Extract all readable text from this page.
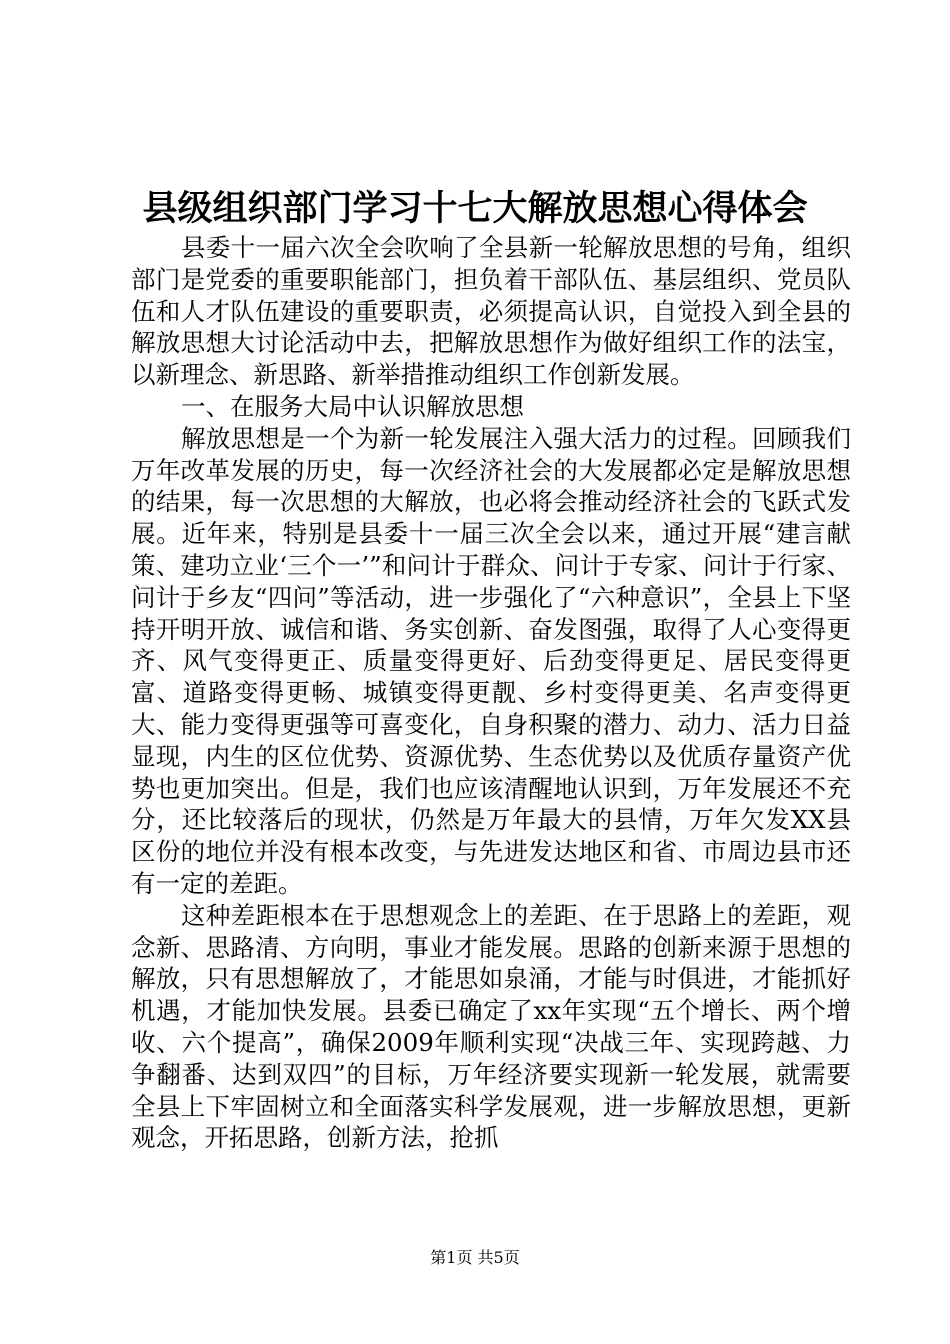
县级组织部门学习十七大解放思想心得体会

县委十一届六次全会吹响了全县新一轮解放思想的号角，组织部门是党委的重要职能部门，担负着干部队伍、基层组织、党员队伍和人才队伍建设的重要职责，必须提高认识，自觉投入到全县的解放思想大讨论活动中去，把解放思想作为做好组织工作的法宝，以新理念、新思路、新举措推动组织工作创新发展。

一、在服务大局中认识解放思想

解放思想是一个为新一轮发展注入强大活力的过程。回顾我们万年改革发展的历史，每一次经济社会的大发展都必定是解放思想的结果，每一次思想的大解放，也必将会推动经济社会的飞跃式发展。近年来，特别是县委十一届三次全会以来，通过开展“建言献策、建功立业‘三个一’”和问计于群众、问计于专家、问计于行家、问计于乡友“四问”等活动，进一步强化了“六种意识”，全县上下坚持开明开放、诚信和谐、务实创新、奋发图强，取得了人心变得更齐、风气变得更正、质量变得更好、后劲变得更足、居民变得更富、道路变得更畅、城镇变得更靓、乡村变得更美、名声变得更大、能力变得更强等可喜变化，自身积聚的潜力、动力、活力日益显现，内生的区位优势、资源优势、生态优势以及优质存量资产优势也更加突出。但是，我们也应该清醒地认识到，万年发展还不充分，还比较落后的现状，仍然是万年最大的县情，万年欠发XX县区份的地位并没有根本改变，与先进发达地区和省、市周边县市还有一定的差距。

这种差距根本在于思想观念上的差距、在于思路上的差距，观念新、思路清、方向明，事业才能发展。思路的创新来源于思想的解放，只有思想解放了，才能思如泉涌，才能与时俱进，才能抓好机遇，才能加快发展。县委已确定了xx年实现“五个增长、两个增收、六个提高”，确保2009年顺利实现“决战三年、实现跨越、力争翻番、达到双四”的目标，万年经济要实现新一轮发展，就需要全县上下牢固树立和全面落实科学发展观，进一步解放思想，更新观念，开拓思路，创新方法，抢抓

第1页 共5页
